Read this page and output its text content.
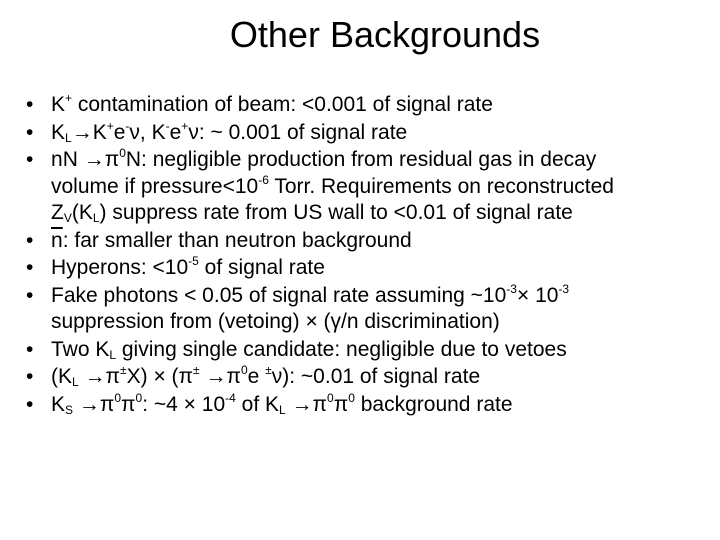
Other Backgrounds
• K+ contamination of beam: <0.001 of signal rate
• $K_L\to K^+e^-\nu$, K-e+ν: ~ 0.001 of signal rate
• nN $\to\pi^0N$: negligible production from residual gas in decay
volume if $pressure<10^{-6}$ Torr. Requirements on reconstructed
$Z_V(K_L)$ suppress rate from US wall to <0.01 of signal rate
• $\overline{n}$: far smaller than neutron background
• Hyperons: $<10^{-5}$ of signal rate
• Fake photons < 0.05 of signal rate assuming $\sim 10^{-3}\times 10^{-3}$
suppression from (vetoing) × (γ/n discrimination)
• Two $K_L$ giving single candidate: negligible due to vetoes
• $(K_L \to\pi^\pm X) \times (\pi^\pm \to\pi^0e$ ±ν): ~0.01 of signal rate
• $K_S \to\pi^0\pi^0$: ~4 × $10^{-4}$ of $K_L \to\pi^0\pi^0$ background rate
